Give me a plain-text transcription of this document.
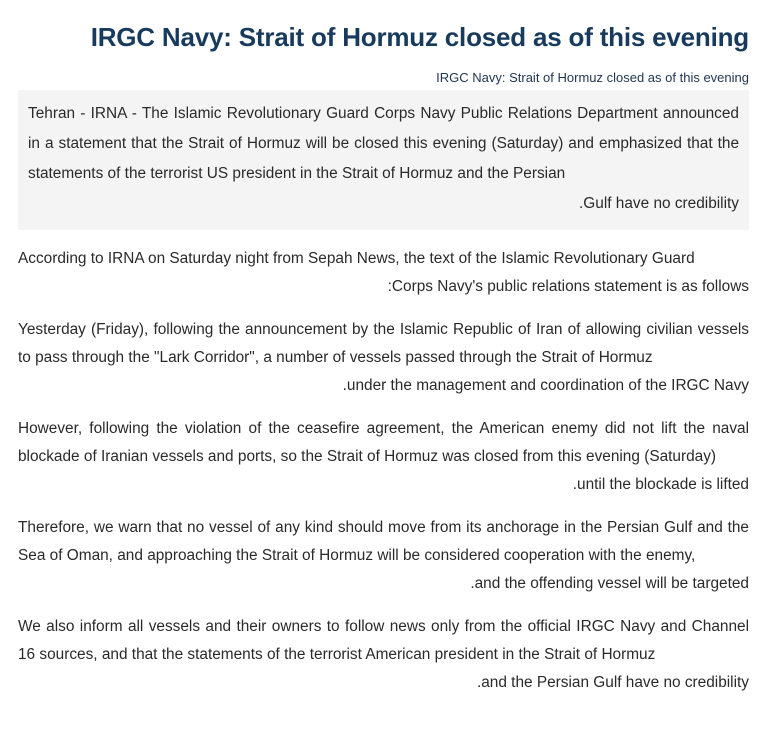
IRGC Navy: Strait of Hormuz closed as of this evening
IRGC Navy: Strait of Hormuz closed as of this evening
Tehran - IRNA - The Islamic Revolutionary Guard Corps Navy Public Relations Department announced in a statement that the Strait of Hormuz will be closed this evening (Saturday) and emphasized that the statements of the terrorist US president in the Strait of Hormuz and the Persian
.Gulf have no credibility

According to IRNA on Saturday night from Sepah News, the text of the Islamic Revolutionary Guard
:Corps Navy's public relations statement is as follows

Yesterday (Friday), following the announcement by the Islamic Republic of Iran of allowing civilian vessels to pass through the "Lark Corridor", a number of vessels passed through the Strait of Hormuz
.under the management and coordination of the IRGC Navy

However, following the violation of the ceasefire agreement, the American enemy did not lift the naval blockade of Iranian vessels and ports, so the Strait of Hormuz was closed from this evening (Saturday)
.until the blockade is lifted

Therefore, we warn that no vessel of any kind should move from its anchorage in the Persian Gulf and the Sea of Oman, and approaching the Strait of Hormuz will be considered cooperation with the enemy,
.and the offending vessel will be targeted

We also inform all vessels and their owners to follow news only from the official IRGC Navy and Channel 16 sources, and that the statements of the terrorist American president in the Strait of Hormuz
.and the Persian Gulf have no credibility
